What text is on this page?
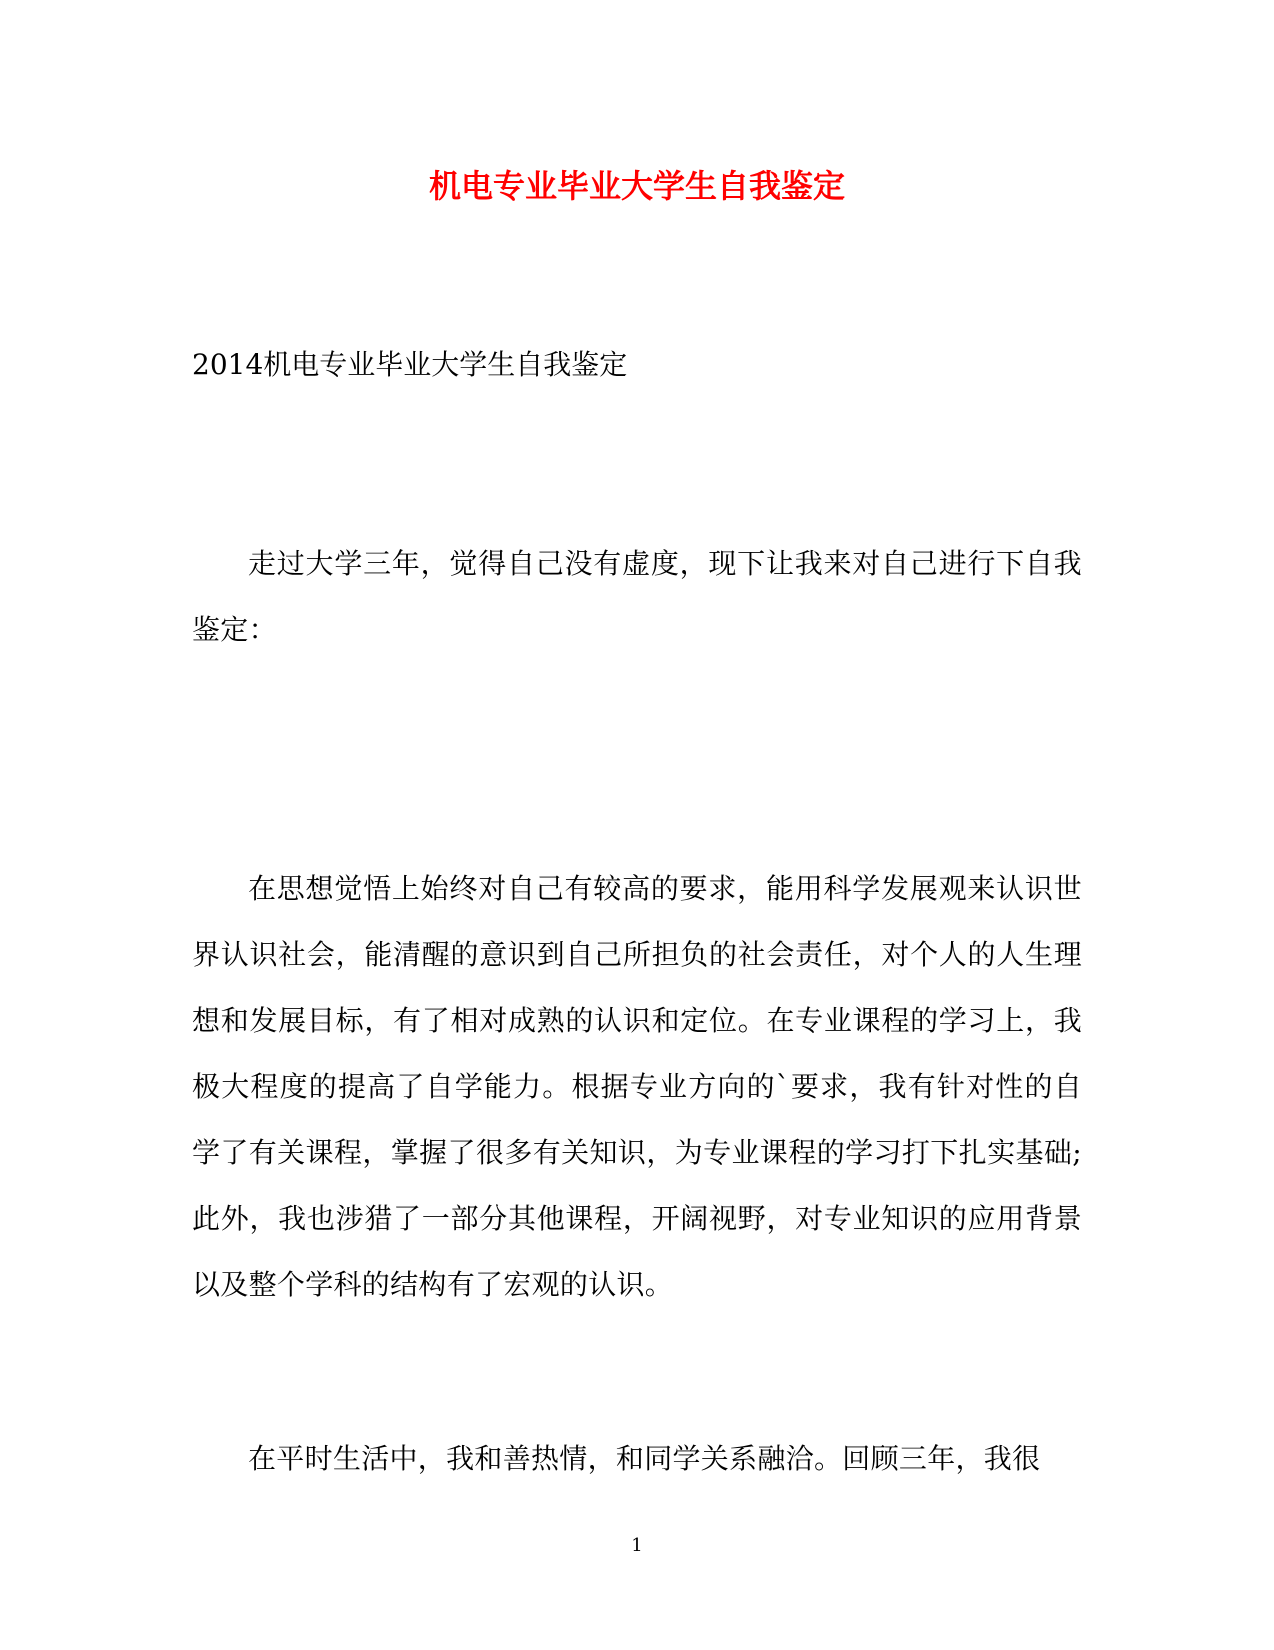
机电专业毕业大学生自我鉴定

2014机电专业毕业大学生自我鉴定

走过大学三年，觉得自己没有虚度，现下让我来对自己进行下自我鉴定：

在思想觉悟上始终对自己有较高的要求，能用科学发展观来认识世界认识社会，能清醒的意识到自己所担负的社会责任，对个人的人生理想和发展目标，有了相对成熟的认识和定位。在专业课程的学习上，我极大程度的提高了自学能力。根据专业方向的`要求，我有针对性的自学了有关课程，掌握了很多有关知识，为专业课程的学习打下扎实基础;此外，我也涉猎了一部分其他课程，开阔视野，对专业知识的应用背景以及整个学科的结构有了宏观的认识。

在平时生活中，我和善热情，和同学关系融洽。回顾三年，我很

1
